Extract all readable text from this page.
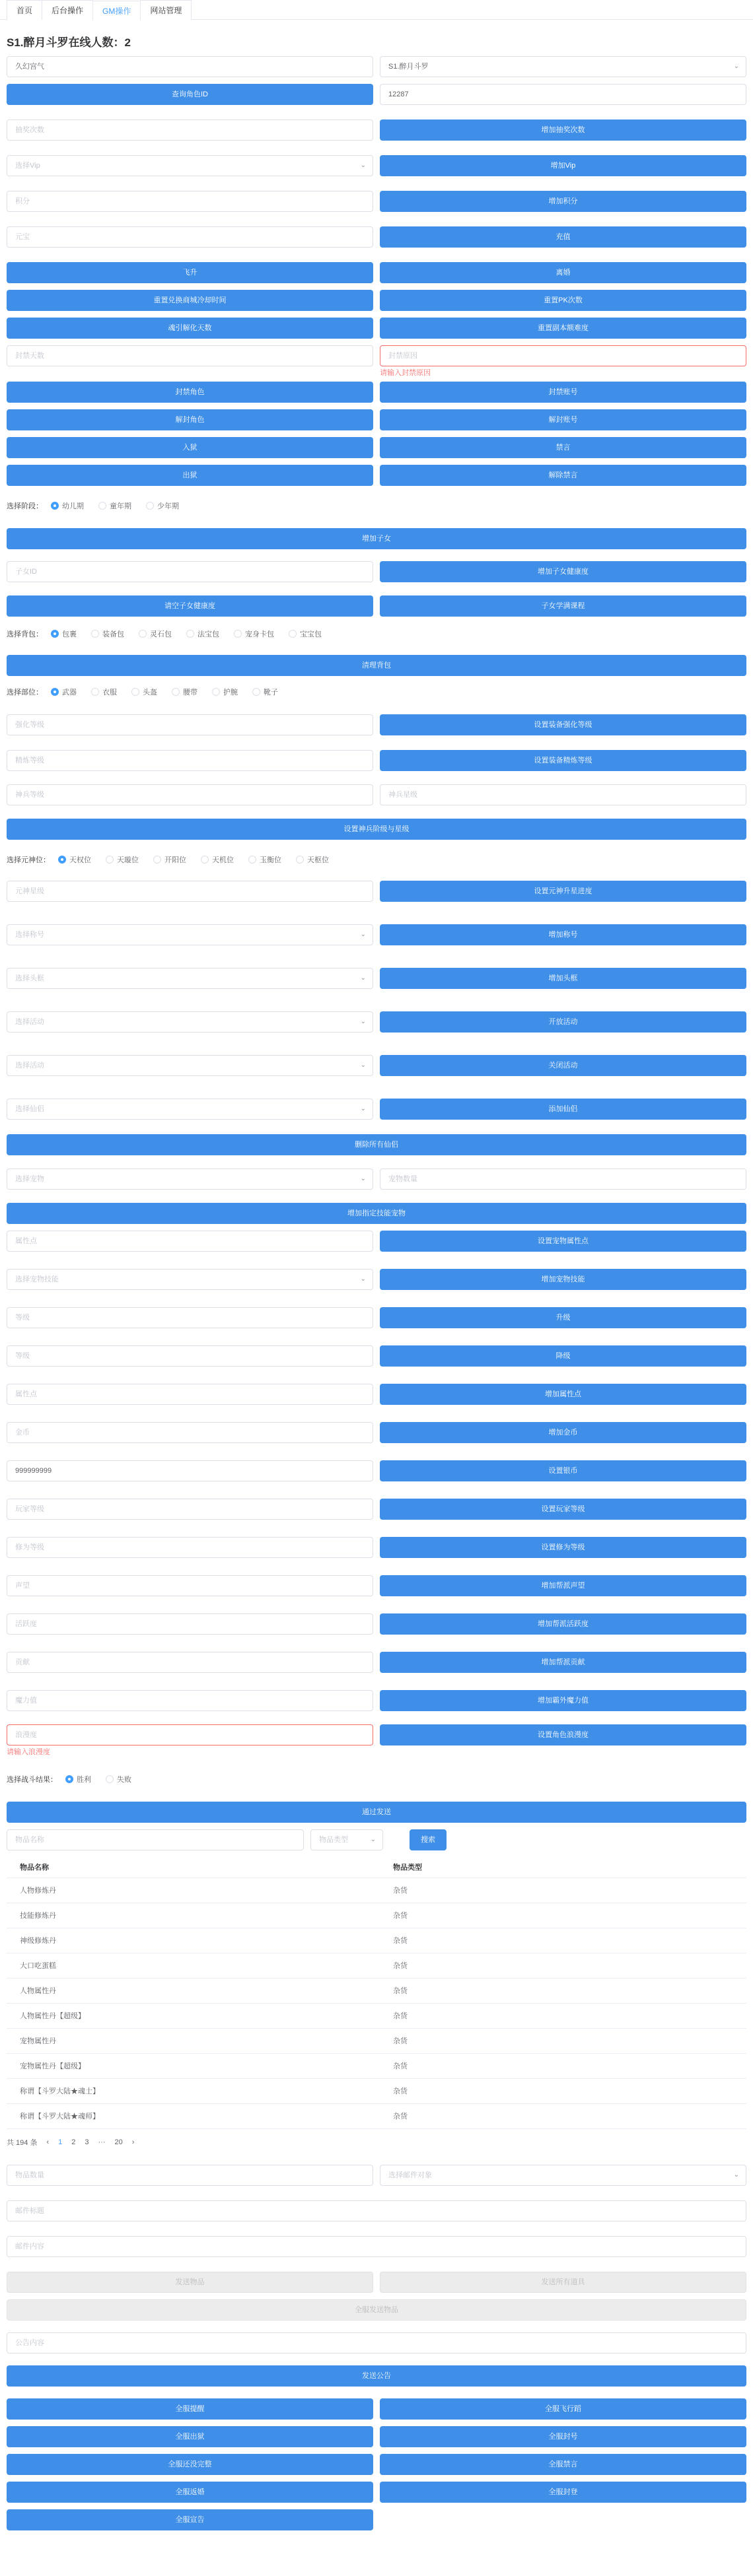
首页	后台操作	GM操作	网站管理
S1.醉月斗罗在线人数：2
久幻宫气	S1.醉月斗罗	⌄
查询角色ID	12287
抽奖次数	增加抽奖次数
选择Vip	⌄	增加Vip
积分	增加积分
元宝	充值
飞升	离婚
重置兑换商城冷却时间	重置PK次数
魂引解化天数	重置副本额难度
封禁天数	封禁原因
请输入封禁原因
封禁角色	封禁账号
解封角色	解封账号
入狱	禁言
出狱	解除禁言
选择阶段：	幼儿期	童年期	少年期
增加子女
子女ID	增加子女健康度
请空子女健康度	子女学满课程
选择背包：	包裹	装备包	灵石包	法宝包	宠身卡包	宝宝包
清理背包
选择部位：	武器	衣服	头盔	腰带	护腕	靴子
强化等级	设置装备强化等级
精炼等级	设置装备精炼等级
神兵等级	神兵星级
设置神兵阶级与星级
选择元神位：	天权位	天璇位	开阳位	天机位	玉衡位	天枢位
元神星级	设置元神升星进度
选择称号	⌄	增加称号
选择头框	⌄	增加头框
选择活动	⌄	开放活动
选择活动	⌄	关闭活动
选择仙侣	⌄	添加仙侣
删除所有仙侣
选择宠物	⌄	宠物数量
增加指定技能宠物
属性点	设置宠物属性点
选择宠物技能	⌄	增加宠物技能
等级	升级
等级	降级
属性点	增加属性点
金币	增加金币
999999999	设置银币
玩家等级	设置玩家等级
修为等级	设置修为等级
声望	增加帮派声望
活跃度	增加帮派活跃度
贡献	增加帮派贡献
魔力值	增加霸外魔力值
浪漫度
请输入浪漫度
设置角色浪漫度
选择战斗结果：	胜利	失败
通过发送
物品名称	物品类型	⌄	搜索
物品名称	物品类型
人物修炼丹	杂货
技能修炼丹	杂货
神级修炼丹	杂货
大口吃蛋糕	杂货
人物属性丹	杂货
人物属性丹【超级】	杂货
宠物属性丹	杂货
宠物属性丹【超级】	杂货
称谓【斗罗大陆★魂士】	杂货
称谓【斗罗大陆★魂师】	杂货
共 194 条 ‹ 1 2 3 ··· 20 ›
物品数量	选择邮件对象	⌄
邮件标题
邮件内容
发送物品	发送所有道具
全服发送物品
公告内容
发送公告
全服提醒	全服飞行蹈
全服出狱	全服封号
全服还没完整	全服禁言
全服返婚	全服封登
全服宣告
